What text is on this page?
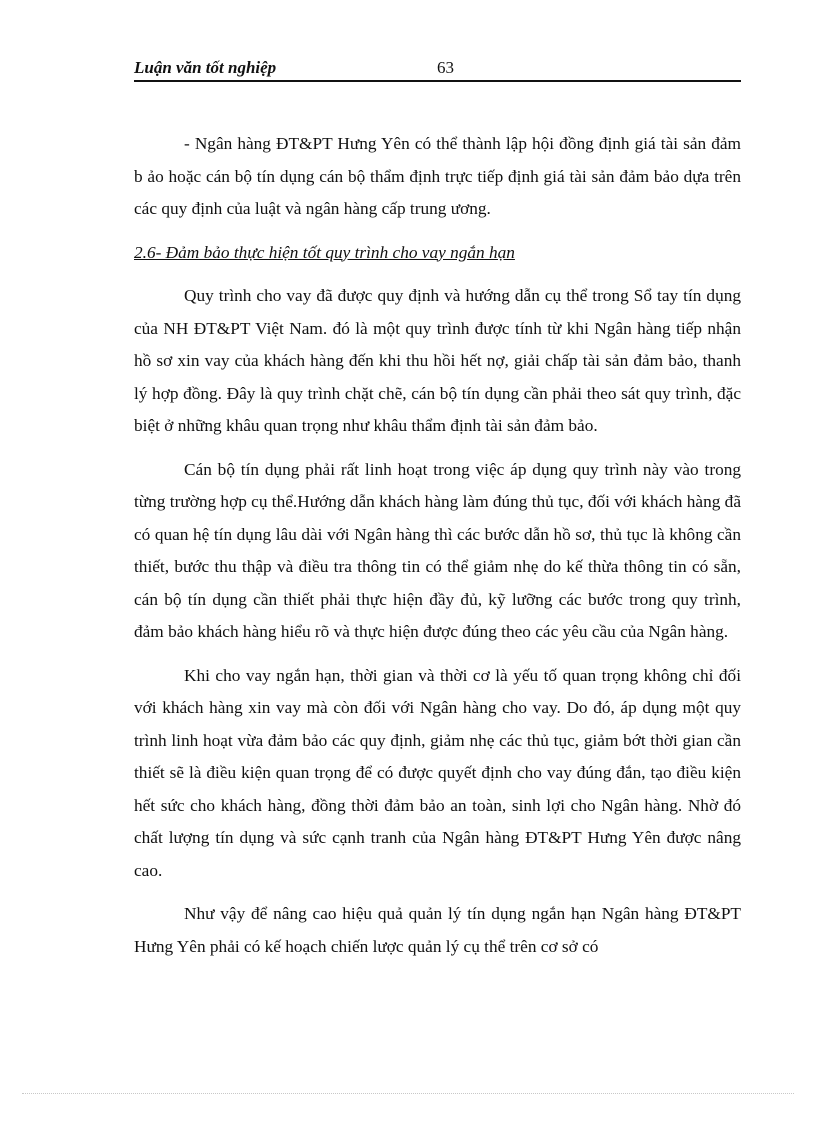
Luận văn tốt nghiệp	63

- Ngân hàng ĐT&PT Hưng Yên có thể thành lập hội đồng định giá tài sản đảm b ảo hoặc cán bộ tín dụng cán bộ thẩm định trực tiếp định giá tài sản đảm bảo dựa trên các quy định của luật và ngân hàng cấp trung ương.

2.6- Đảm bảo thực hiện tốt quy trình cho vay ngắn hạn

Quy trình cho vay đã được quy định và hướng dẫn cụ thể trong Sổ tay tín dụng của NH ĐT&PT Việt Nam. đó là một quy trình được tính từ khi Ngân hàng tiếp nhận hồ sơ xin vay của khách hàng đến khi thu hồi hết nợ, giải chấp tài sản đảm bảo, thanh lý hợp đồng. Đây là quy trình chặt chẽ, cán bộ tín dụng cần phải theo sát quy trình, đặc biệt ở những khâu quan trọng như khâu thẩm định tài sản đảm bảo.

Cán bộ tín dụng phải rất linh hoạt trong việc áp dụng quy trình này vào trong từng trường hợp cụ thể.Hướng dẫn khách hàng làm đúng thủ tục, đối với khách hàng đã có quan hệ tín dụng lâu dài với Ngân hàng thì các bước dẫn hồ sơ, thủ tục là không cần thiết, bước thu thập và điều tra thông tin có thể giảm nhẹ do kế thừa thông tin có sẵn, cán bộ tín dụng cần thiết phải thực hiện đầy đủ, kỹ lưỡng các bước trong quy trình, đảm bảo khách hàng hiểu rõ và thực hiện được đúng theo các yêu cầu của Ngân hàng.

Khi cho vay ngắn hạn, thời gian và thời cơ là yếu tố quan trọng không chỉ đối với khách hàng xin vay mà còn đối với Ngân hàng cho vay. Do đó, áp dụng một quy trình linh hoạt vừa đảm bảo các quy định, giảm nhẹ các thủ tục, giảm bớt thời gian cần thiết sẽ là điều kiện quan trọng để có được quyết định cho vay đúng đắn, tạo điều kiện hết sức cho khách hàng, đồng thời đảm bảo an toàn, sinh lợi cho Ngân hàng. Nhờ đó chất lượng tín dụng và sức cạnh tranh của Ngân hàng ĐT&PT Hưng Yên được nâng cao.

Như vậy để nâng cao hiệu quả quản lý tín dụng ngắn hạn Ngân hàng ĐT&PT Hưng Yên phải có kế hoạch chiến lược quản lý cụ thể trên cơ sở có
